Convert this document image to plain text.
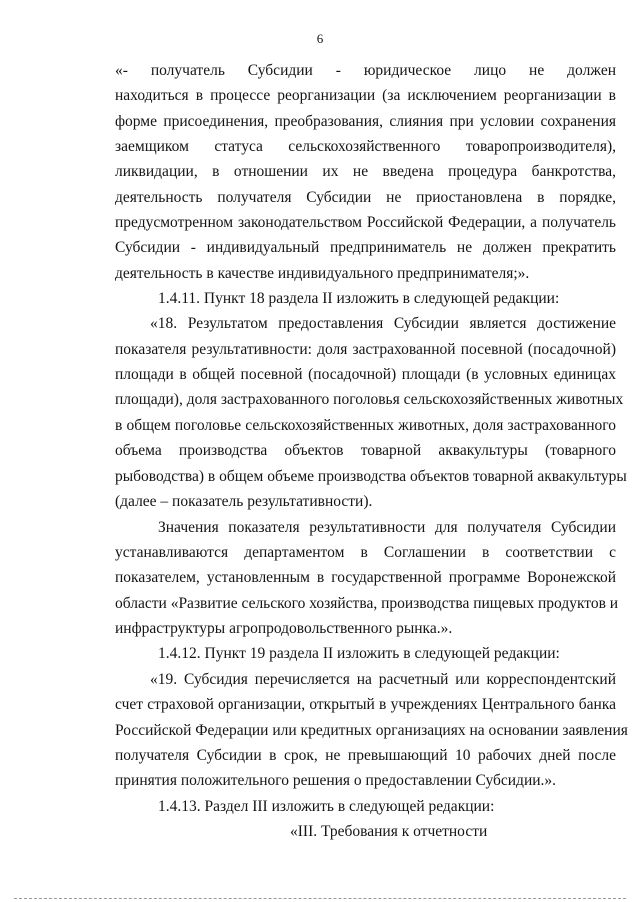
6
«- получатель Субсидии - юридическое лицо не должен
находиться в процессе реорганизации (за исключением реорганизации в
форме присоединения, преобразования, слияния при условии сохранения
заемщиком статуса сельскохозяйственного товаропроизводителя),
ликвидации, в отношении их не введена процедура банкротства,
деятельность получателя Субсидии не приостановлена в порядке,
предусмотренном законодательством Российской Федерации, а получатель
Субсидии - индивидуальный предприниматель не должен прекратить
деятельность в качестве индивидуального предпринимателя;».
1.4.11. Пункт 18 раздела II изложить в следующей редакции:
«18. Результатом предоставления Субсидии является достижение
показателя результативности: доля застрахованной посевной (посадочной)
площади в общей посевной (посадочной) площади (в условных единицах
площади), доля застрахованного поголовья сельскохозяйственных животных
в общем поголовье сельскохозяйственных животных, доля застрахованного
объема производства объектов товарной аквакультуры (товарного
рыбоводства) в общем объеме производства объектов товарной аквакультуры
(далее – показатель результативности).
Значения показателя результативности для получателя Субсидии
устанавливаются департаментом в Соглашении в соответствии с
показателем, установленным в государственной программе Воронежской
области «Развитие сельского хозяйства, производства пищевых продуктов и
инфраструктуры агропродовольственного рынка.».
1.4.12. Пункт 19 раздела II изложить в следующей редакции:
«19. Субсидия перечисляется на расчетный или корреспондентский
счет страховой организации, открытый в учреждениях Центрального банка
Российской Федерации или кредитных организациях на основании заявления
получателя Субсидии в срок, не превышающий 10 рабочих дней после
принятия положительного решения о предоставлении Субсидии.».
1.4.13. Раздел III изложить в следующей редакции:
«III. Требования к отчетности
